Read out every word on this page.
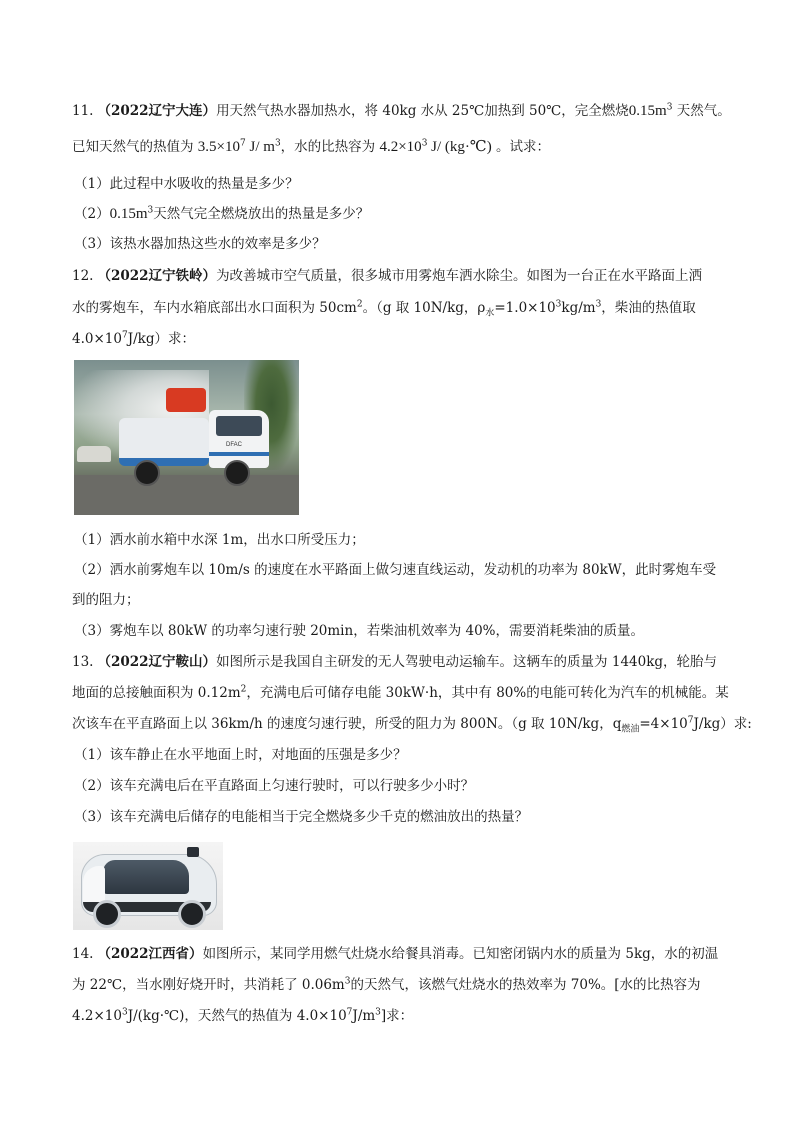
11. （2022辽宁大连）用天然气热水器加热水，将 40kg 水从 25℃加热到 50℃，完全燃烧$0.15m^3$ 天然气。
已知天然气的热值为 $3.5\times 10^7$ J/ $m^3$，水的比热容为 $4.2\times 10^3$ J/ (kg·℃) 。试求：
（1）此过程中水吸收的热量是多少？
$(2)0.15m^3$天然气完全燃烧放出的热量是多少？
（3）该热水器加热这些水的效率是多少？
12. （2022辽宁铁岭）为改善城市空气质量，很多城市用雾炮车洒水除尘。如图为一台正在水平路面上洒
水的雾炮车，车内水箱底部出水口面积为 $50cm^2$。（g 取 10N/kg，$\rho_水=1.0\times 10^3kg/m^3$，柴油的热值取
$4.0\times 10^7J/kg$）求：
DFAC
（1）洒水前水箱中水深 1m，出水口所受压力；
（2）洒水前雾炮车以 10m/s 的速度在水平路面上做匀速直线运动，发动机的功率为 80kW，此时雾炮车受
到的阻力；
（3）雾炮车以 80kW 的功率匀速行驶 20min，若柴油机效率为 40%，需要消耗柴油的质量。
13. （2022辽宁鞍山）如图所示是我国自主研发的无人驾驶电动运输车。这辆车的质量为 1440kg，轮胎与
地面的总接触面积为 $0.12m^2$，充满电后可储存电能 30kW·h，其中有 80%的电能可转化为汽车的机械能。某
次该车在平直路面上以 36km/h 的速度匀速行驶，所受的阻力为 800N。（g 取 10N/kg，$q_{燃油}=4\times 10^7J/kg$）求:
（1）该车静止在水平地面上时，对地面的压强是多少？
（2）该车充满电后在平直路面上匀速行驶时，可以行驶多少小时？
（3）该车充满电后储存的电能相当于完全燃烧多少千克的燃油放出的热量？
14. （2022江西省）如图所示，某同学用燃气灶烧水给餐具消毒。已知密闭锅内水的质量为 5kg，水的初温
为 22℃，当水刚好烧开时，共消耗了 $0.06m^3$的天然气，该燃气灶烧水的热效率为 70%。[水的比热容为
$4.2\times 10^3J/(kg\cdot℃)$，天然气的热值为 $4.0\times 10^7J/m^3$]求：
